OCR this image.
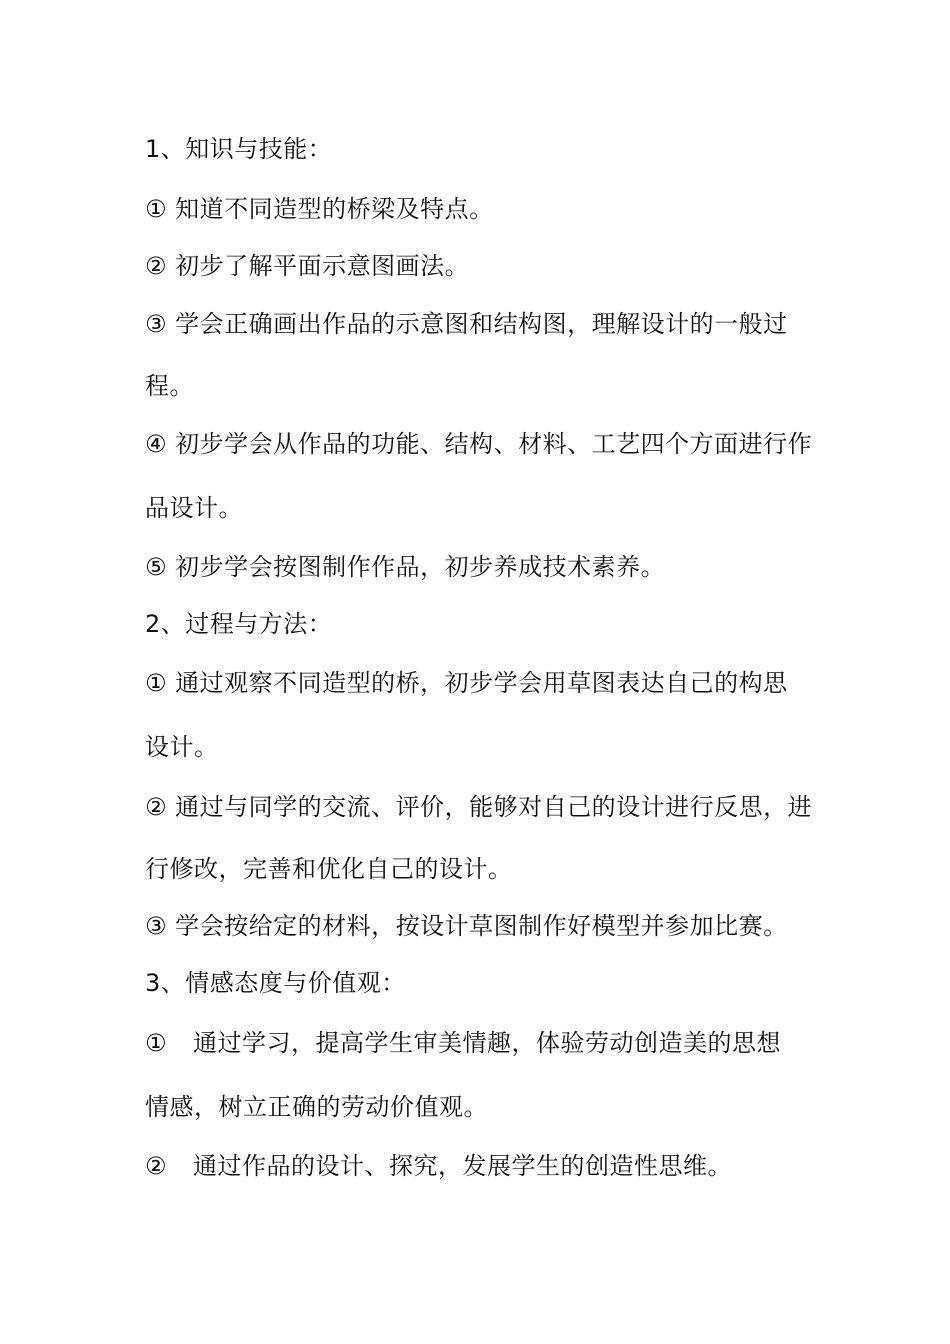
1、知识与技能：
① 知道不同造型的桥梁及特点。
② 初步了解平面示意图画法。
③ 学会正确画出作品的示意图和结构图，理解设计的一般过
程。
④ 初步学会从作品的功能、结构、材料、工艺四个方面进行作
品设计。
⑤ 初步学会按图制作作品，初步养成技术素养。
2、过程与方法：
① 通过观察不同造型的桥，初步学会用草图表达自己的构思
设计。
② 通过与同学的交流、评价，能够对自己的设计进行反思，进
行修改，完善和优化自己的设计。
③ 学会按给定的材料，按设计草图制作好模型并参加比赛。
3、情感态度与价值观：
① 通过学习，提高学生审美情趣，体验劳动创造美的思想
情感，树立正确的劳动价值观。
② 通过作品的设计、探究，发展学生的创造性思维。
